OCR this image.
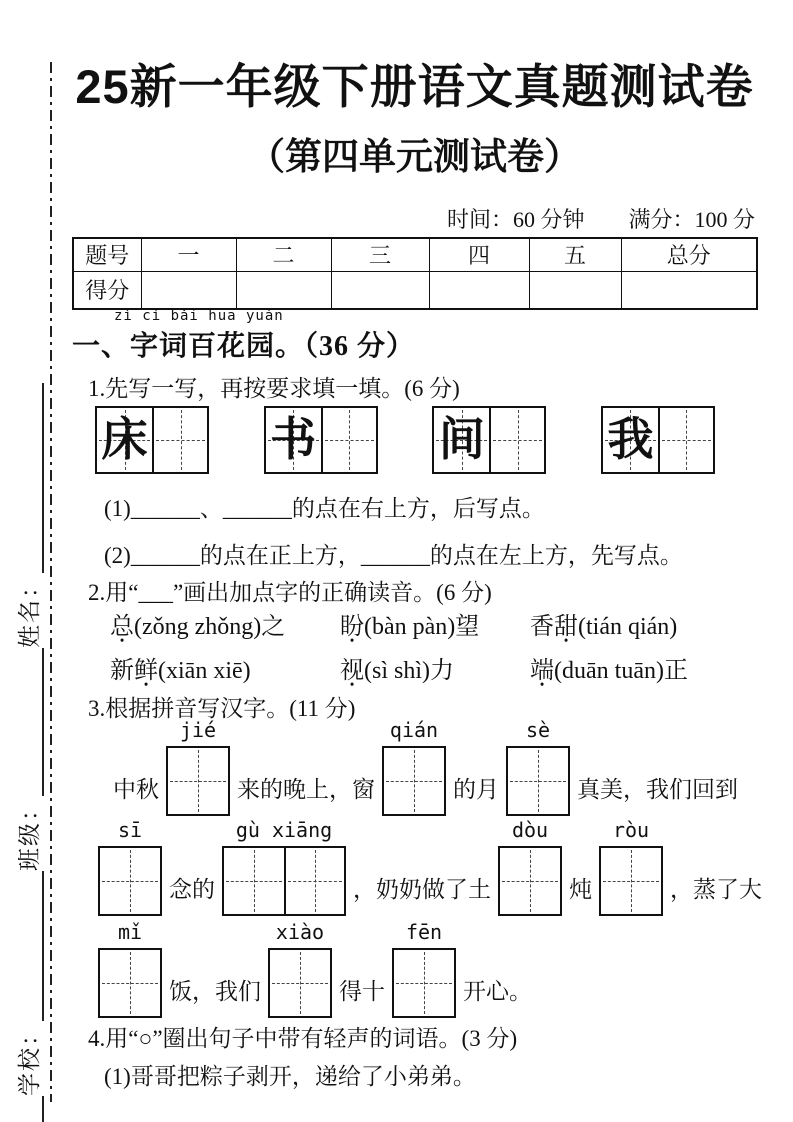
学校：
班级：
姓名：
25新一年级下册语文真题测试卷
（第四单元测试卷）
时间：60 分钟　　满分：100 分
题号	一	二	三	四	五	总分
得分						
zì cí bǎi huā yuán
一、字词百花园。（36 分）
1.先写一写，再按要求填一填。(6 分)
床	书	间	我
(1)______、______的点在右上方，后写点。
(2)______的点在正上方，______的点在左上方，先写点。
2.用“___”画出加点字的正确读音。(6 分)
总(zǒng zhǒng)之	盼(bàn pàn)望	香甜(tián qián)
新鲜(xiān xiē)	视(sì shì)力	端(duān tuān)正
3.根据拼音写汉字。(11 分)
中秋
jié
来的晚上，窗
qián
的月
sè
真美，我们回到
sī
念的
gù xiāng
，奶奶做了土
dòu
炖
ròu
，蒸了大
mǐ
饭，我们
xiào
得十
fēn
开心。
4.用“○”圈出句子中带有轻声的词语。(3 分)
(1)哥哥把粽子剥开，递给了小弟弟。
